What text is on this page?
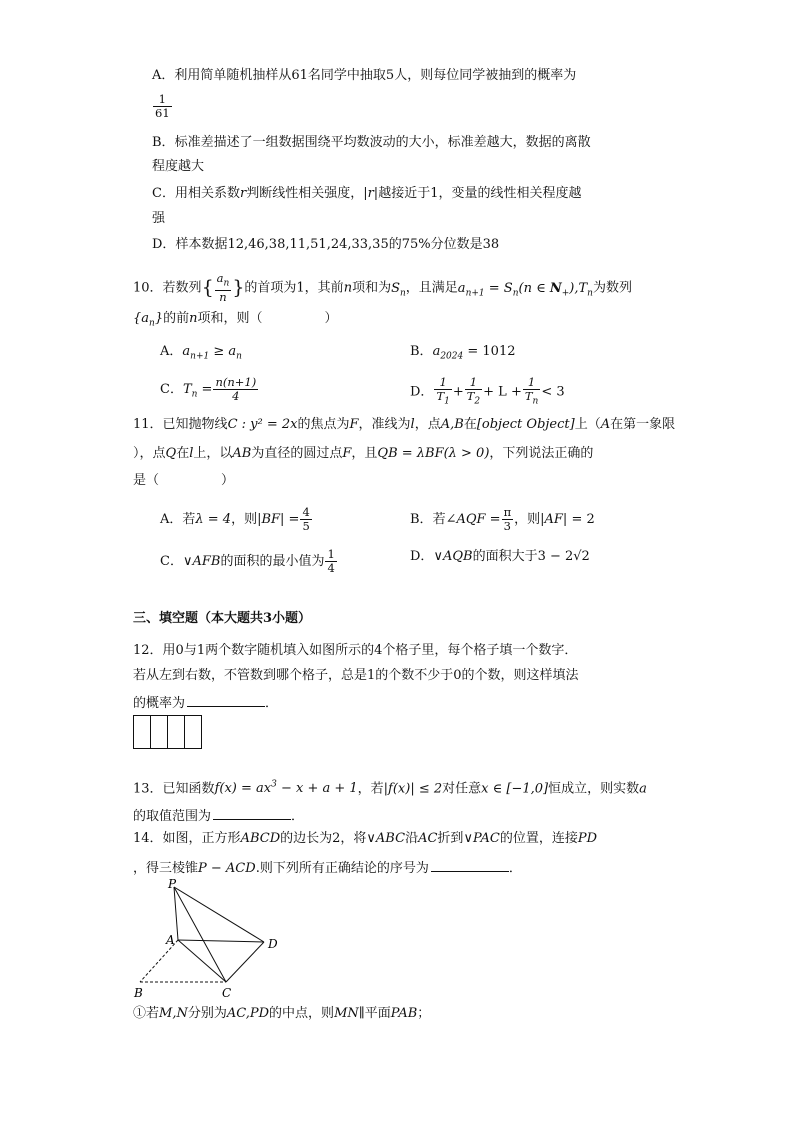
A．利用简单随机抽样从61名同学中抽取5人，则每位同学被抽到的概率为
$\frac{1}{61}$
B．标准差描述了一组数据围绕平均数波动的大小，标准差越大，数据的离散
程度越大
C．用相关系数r判断线性相关强度，|r|越接近于1，变量的线性相关程度越
强
D．样本数据12,46,38,11,51,24,33,35的75%分位数是38
10．若数列{ $\frac{a_n}{n}$ }的首项为1，其前n项和为$S_n$，且满足$a_{n+1} = S_n(n$ ∈ $N_+),T_n$为数列
$\{a_n\}$的前n项和，则（	）
A．$a_{n+1} \ge a_n$	B．$a_{2024} = 1012$
C．$T_n = \frac{n(n+1)}{4}$	D． $\frac{1}{T_1} + \frac{1}{T_2} + L + \frac{1}{T_n} < 3$
11．已知抛物线C : y² = 2x的焦点为F，准线为l，点A,B在[object Object]上（A在第一象限
），点Q在l上，以AB为直径的圆过点F，且QB = λBF(λ > 0)，下列说法正确的
是（	）
A．若λ = 4，则$|BF| = \frac{4}{5}$	B．若∠AQF = $\frac{\pi}{3}$ ，则|AF| = 2
C．∨AFB的面积的最小值为 $\frac{1}{4}$	D．∨AQB的面积大于3 − 2√2
三、填空题（本大题共3小题）
12．用0与1两个数字随机填入如图所示的4个格子里，每个格子填一个数字．
若从左到右数，不管数到哪个格子，总是1的个数不少于0的个数，则这样填法
的概率为	．
13．已知函数$f(x) = ax^3 - x + a + 1$，若|f(x)| ≤ 2对任意x ∈ [−1,0]恒成立，则实数a
的取值范围为	．
14．如图，正方形ABCD的边长为2，将∨ABC沿AC折到∨PAC的位置，连接PD
，得三棱锥P − ACD.则下列所有正确结论的序号为	．
P
A	D
B	C
①若M,N分别为AC,PD的中点，则MN∥平面PAB；
